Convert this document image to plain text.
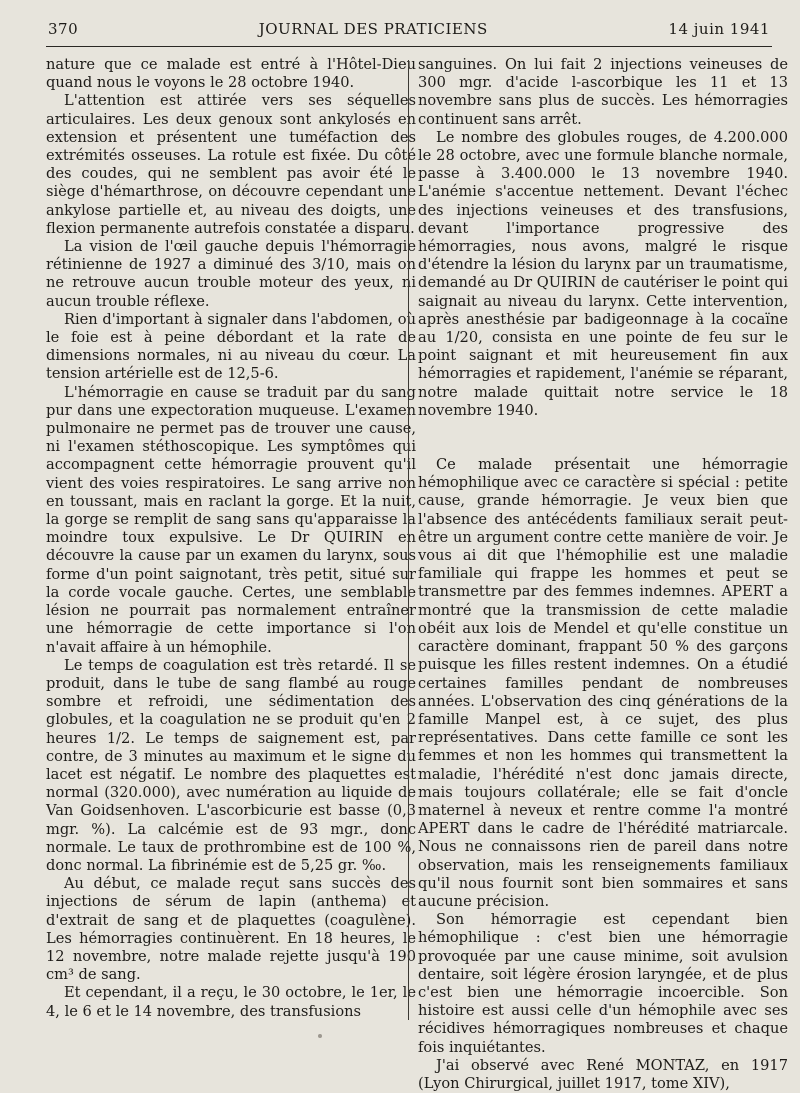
370	JOURNAL DES PRATICIENS	14 juin 1941

nature que ce malade est entré à l'Hôtel-Dieu quand nous le voyons le 28 octobre 1940.

L'attention est attirée vers ses séquelles articulaires. Les deux genoux sont ankylosés en extension et présentent une tuméfaction des extrémités osseuses. La rotule est fixée. Du côté des coudes, qui ne semblent pas avoir été le siège d'hémarthrose, on découvre cependant une ankylose partielle et, au niveau des doigts, une flexion permanente autrefois constatée a disparu.

La vision de l'œil gauche depuis l'hémorragie rétinienne de 1927 a diminué des 3/10, mais on ne retrouve aucun trouble moteur des yeux, ni aucun trouble réflexe.

Rien d'important à signaler dans l'abdomen, où le foie est à peine débordant et la rate de dimensions normales, ni au niveau du cœur. La tension artérielle est de 12,5-6.

L'hémorragie en cause se traduit par du sang pur dans une expectoration muqueuse. L'examen pulmonaire ne permet pas de trouver une cause, ni l'examen stéthoscopique. Les symptômes qui accompagnent cette hémorragie prouvent qu'il vient des voies respiratoires. Le sang arrive non en toussant, mais en raclant la gorge. Et la nuit, la gorge se remplit de sang sans qu'apparaisse la moindre toux expulsive. Le Dr QUIRIN en découvre la cause par un examen du larynx, sous forme d'un point saignotant, très petit, situé sur la corde vocale gauche. Certes, une semblable lésion ne pourrait pas normalement entraîner une hémorragie de cette importance si l'on n'avait affaire à un hémophile.

Le temps de coagulation est très retardé. Il se produit, dans le tube de sang flambé au rouge sombre et refroidi, une sédimentation des globules, et la coagulation ne se produit qu'en 2 heures 1/2. Le temps de saignement est, par contre, de 3 minutes au maximum et le signe du lacet est négatif. Le nombre des plaquettes est normal (320.000), avec numération au liquide de Van Goidsenhoven. L'ascorbicurie est basse (0,3 mgr. %). La calcémie est de 93 mgr., donc normale. Le taux de prothrombine est de 100 %, donc normal. La fibrinémie est de 5,25 gr. ‰.

Au début, ce malade reçut sans succès des injections de sérum de lapin (anthema) et d'extrait de sang et de plaquettes (coagulène). Les hémorragies continuèrent. En 18 heures, le 12 novembre, notre malade rejette jusqu'à 190 cm³ de sang.

Et cependant, il a reçu, le 30 octobre, le 1er, le 4, le 6 et le 14 novembre, des transfusions

sanguines. On lui fait 2 injections veineuses de 300 mgr. d'acide l-ascorbique les 11 et 13 novembre sans plus de succès. Les hémorragies continuent sans arrêt.

Le nombre des globules rouges, de 4.200.000 le 28 octobre, avec une formule blanche normale, passe à 3.400.000 le 13 novembre 1940. L'anémie s'accentue nettement. Devant l'échec des injections veineuses et des transfusions, devant l'importance progressive des hémorragies, nous avons, malgré le risque d'étendre la lésion du larynx par un traumatisme, demandé au Dr QUIRIN de cautériser le point qui saignait au niveau du larynx. Cette intervention, après anesthésie par badigeonnage à la cocaïne au 1/20, consista en une pointe de feu sur le point saignant et mit heureusement fin aux hémorragies et rapidement, l'anémie se réparant, notre malade quittait notre service le 18 novembre 1940.

Ce malade présentait une hémorragie hémophilique avec ce caractère si spécial : petite cause, grande hémorragie. Je veux bien que l'absence des antécédents familiaux serait peut-être un argument contre cette manière de voir. Je vous ai dit que l'hémophilie est une maladie familiale qui frappe les hommes et peut se transmettre par des femmes indemnes. APERT a montré que la transmission de cette maladie obéit aux lois de Mendel et qu'elle constitue un caractère dominant, frappant 50 % des garçons puisque les filles restent indemnes. On a étudié certaines familles pendant de nombreuses années. L'observation des cinq générations de la famille Manpel est, à ce sujet, des plus représentatives. Dans cette famille ce sont les femmes et non les hommes qui transmettent la maladie, l'hérédité n'est donc jamais directe, mais toujours collatérale; elle se fait d'oncle maternel à neveux et rentre comme l'a montré APERT dans le cadre de l'hérédité matriarcale. Nous ne connaissons rien de pareil dans notre observation, mais les renseignements familiaux qu'il nous fournit sont bien sommaires et sans aucune précision.

Son hémorragie est cependant bien hémophilique : c'est bien une hémorragie provoquée par une cause minime, soit avulsion dentaire, soit légère érosion laryngée, et de plus c'est bien une hémorragie incoercible. Son histoire est aussi celle d'un hémophile avec ses récidives hémorragiques nombreuses et chaque fois inquiétantes.

J'ai observé avec René MONTAZ, en 1917 (Lyon Chirurgical, juillet 1917, tome XIV),
